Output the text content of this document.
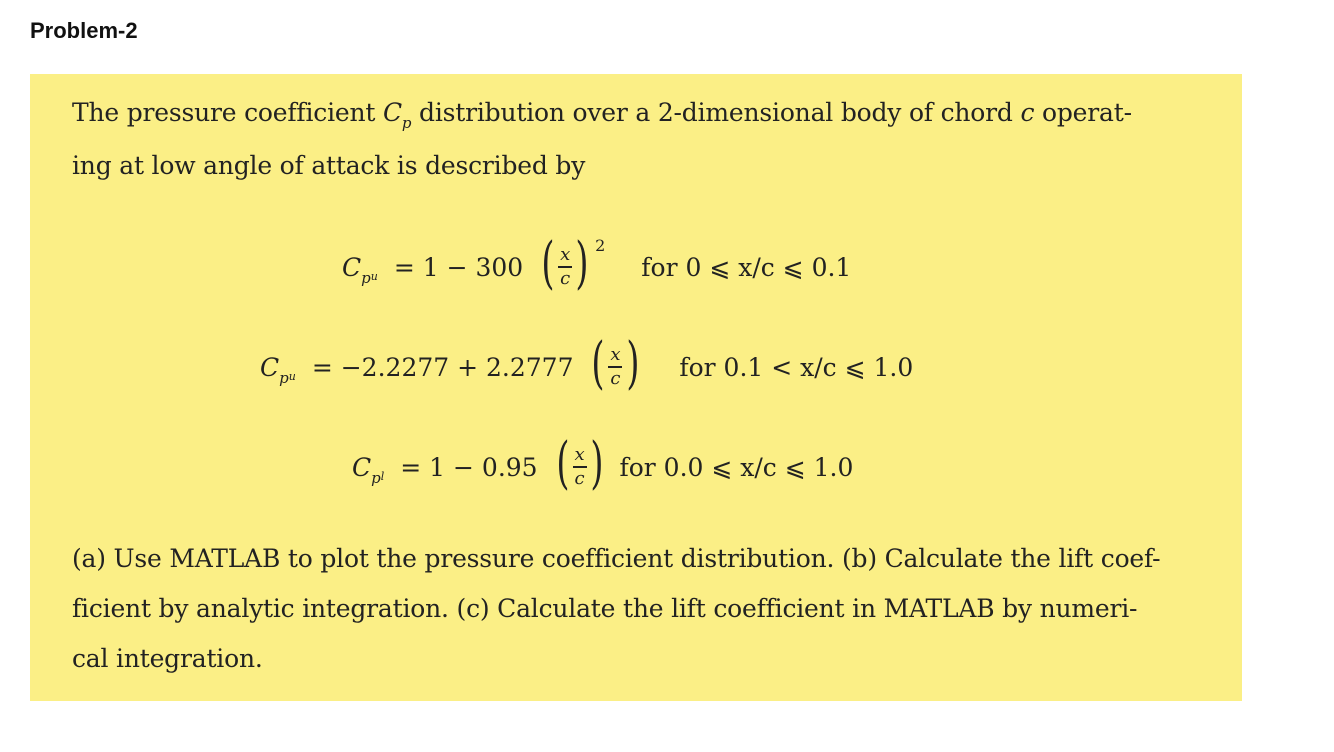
Problem-2

The pressure coefficient $C_p$ distribution over a 2-dimensional body of chord c operat-
ing at low angle of attack is described by

C p u = 1 − 300 ( $\frac{x}{c}$ ) 2
for 0 ⩽ x/c ⩽ 0.1
C p u = −2.2277 + 2.2777 ( $\frac{x}{c}$ ) for 0.1 < x/c ⩽ 1.0
C p l = 1 − 0.95 ( $\frac{x}{c}$ ) for 0.0 ⩽ x/c ⩽ 1.0

(a) Use MATLAB to plot the pressure coefficient distribution. (b) Calculate the lift coef-
ficient by analytic integration. (c) Calculate the lift coefficient in MATLAB by numeri-
cal integration.
